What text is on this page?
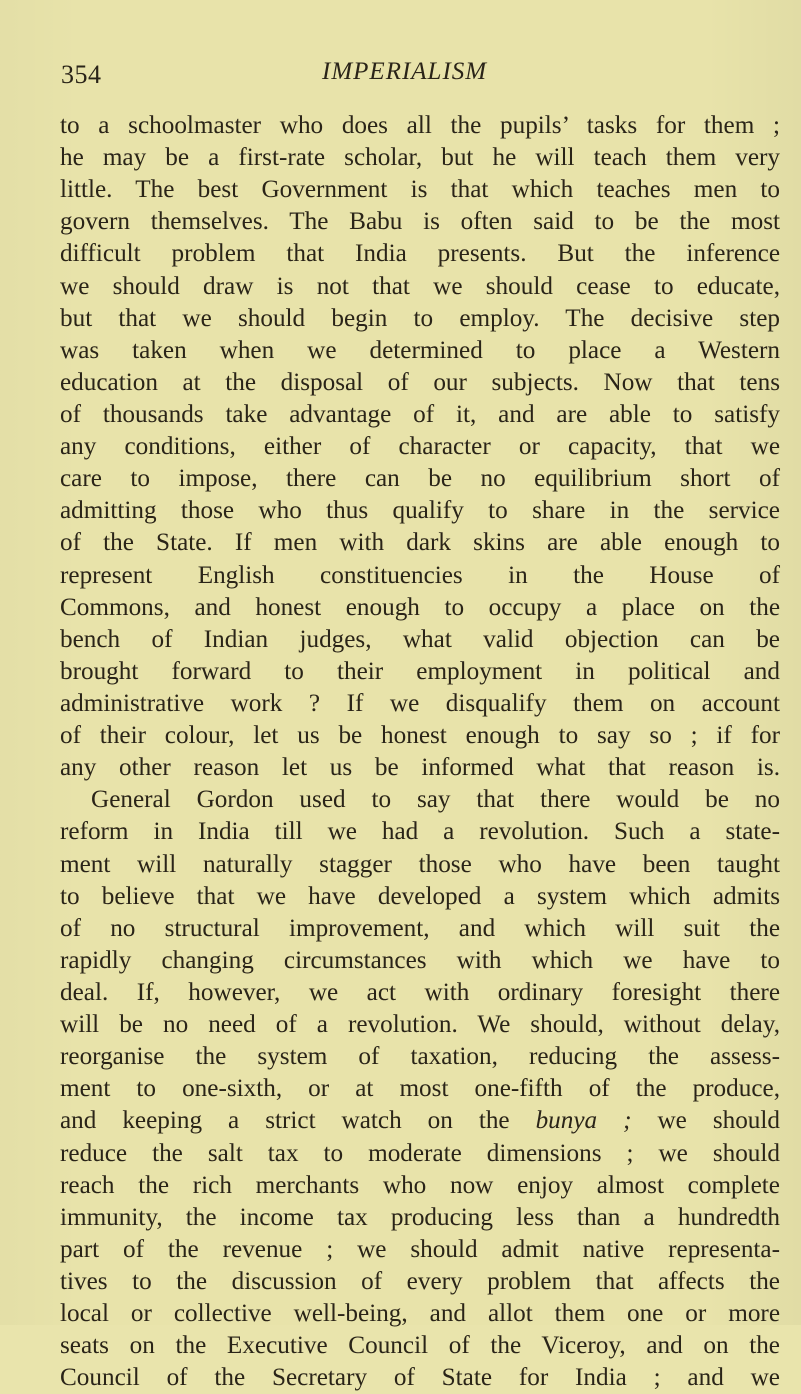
354	IMPERIALISM
to a schoolmaster who does all the pupils’ tasks for them ;
he may be a first-rate scholar, but he will teach them very
little. The best Government is that which teaches men to
govern themselves. The Babu is often said to be the most
difficult problem that India presents. But the inference
we should draw is not that we should cease to educate,
but that we should begin to employ. The decisive step
was taken when we determined to place a Western
education at the disposal of our subjects. Now that tens
of thousands take advantage of it, and are able to satisfy
any conditions, either of character or capacity, that we
care to impose, there can be no equilibrium short of
admitting those who thus qualify to share in the service
of the State. If men with dark skins are able enough to
represent English constituencies in the House of
Commons, and honest enough to occupy a place on the
bench of Indian judges, what valid objection can be
brought forward to their employment in political and
administrative work ? If we disqualify them on account
of their colour, let us be honest enough to say so ; if for
any other reason let us be informed what that reason is.
General Gordon used to say that there would be no
reform in India till we had a revolution. Such a state-
ment will naturally stagger those who have been taught
to believe that we have developed a system which admits
of no structural improvement, and which will suit the
rapidly changing circumstances with which we have to
deal. If, however, we act with ordinary foresight there
will be no need of a revolution. We should, without delay,
reorganise the system of taxation, reducing the assess-
ment to one-sixth, or at most one-fifth of the produce,
and keeping a strict watch on the bunya ; we should
reduce the salt tax to moderate dimensions ; we should
reach the rich merchants who now enjoy almost complete
immunity, the income tax producing less than a hundredth
part of the revenue ; we should admit native representa-
tives to the discussion of every problem that affects the
local or collective well-being, and allot them one or more
seats on the Executive Council of the Viceroy, and on the
Council of the Secretary of State for India ; and we
